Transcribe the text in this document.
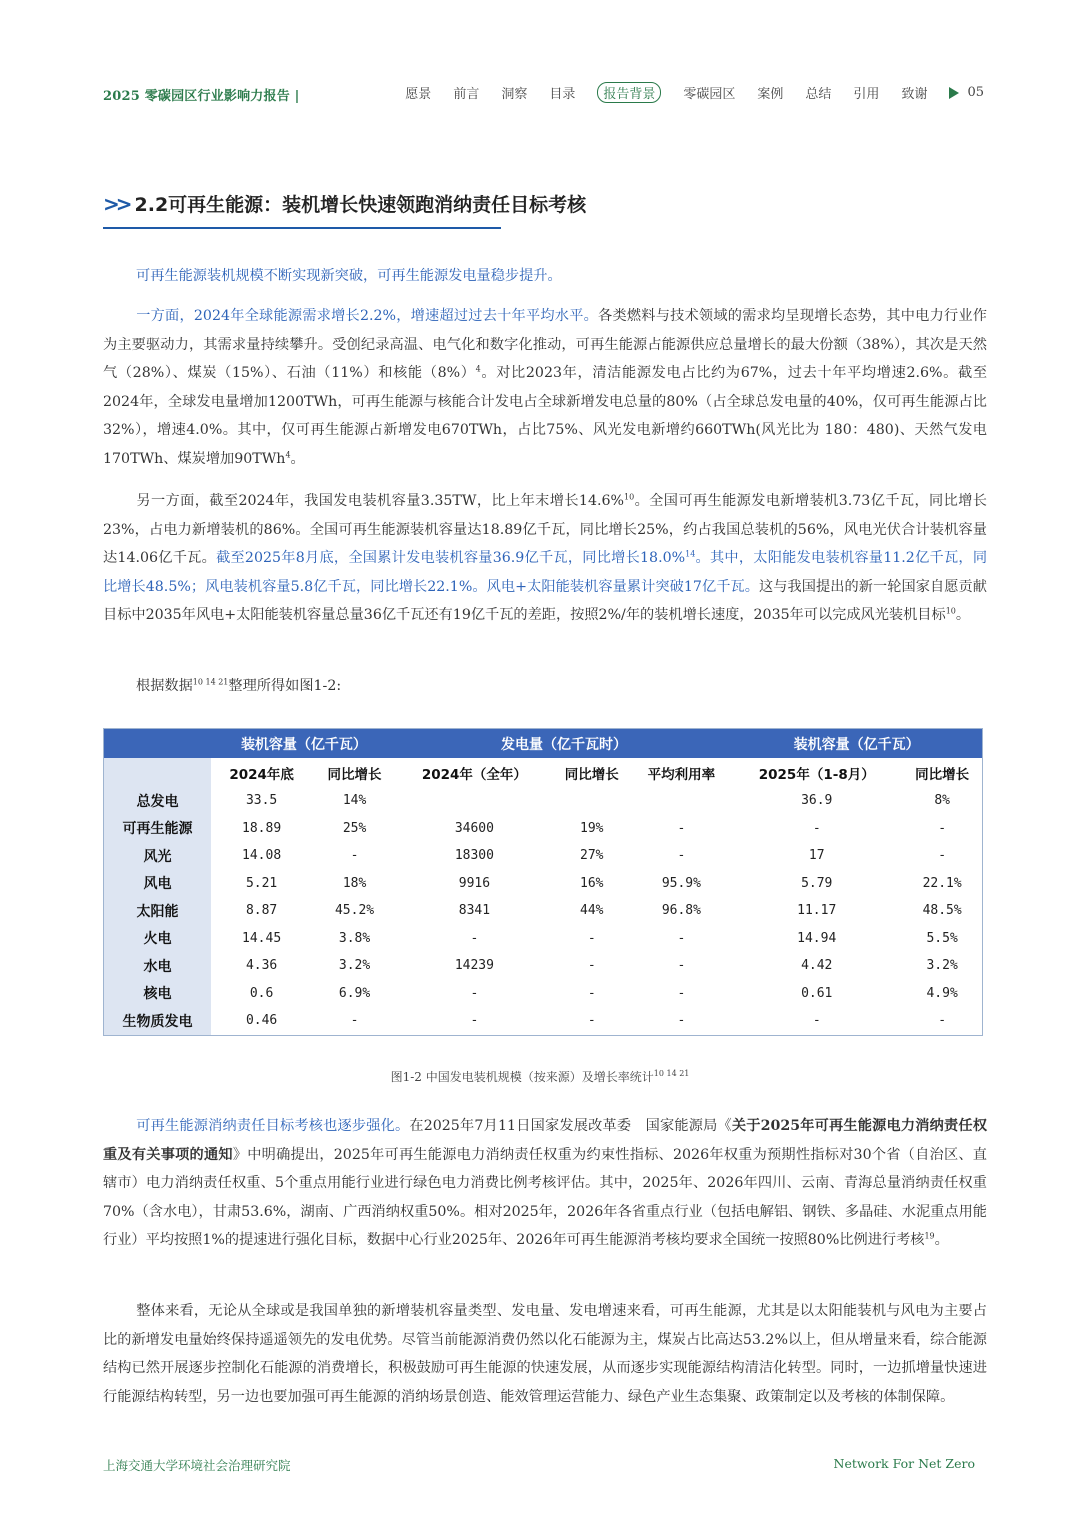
2025 零碳园区行业影响力报告 |	愿景 前言 洞察 目录	报告背景	零碳园区 案例 总结 引用 致谢	05
>> 2.2可再生能源：装机增长快速领跑消纳责任目标考核
可再生能源装机规模不断实现新突破，可再生能源发电量稳步提升。
一方面，2024年全球能源需求增长2.2%，增速超过过去十年平均水平。各类燃料与技术领域的需求均呈现增长态势，其中电力行业作为主要驱动力，其需求量持续攀升。受创纪录高温、电气化和数字化推动，可再生能源占能源供应总量增长的最大份额（38%），其次是天然气（28%）、煤炭（15%）、石油（11%）和核能$(8\%)^4$。对比2023年，清洁能源发电占比约为67%，过去十年平均增速2.6%。截至2024年，全球发电量增加1200TWh，可再生能源与核能合计发电占全球新增发电总量的80%（占全球总发电量的40%，仅可再生能源占比32%），增速4.0%。其中，仅可再生能源占新增发电670TWh，占比75%、风光发电新增约660TWh(风光比为 180：480)、天然气发电170TWh、煤炭增加90TWh$^4$。
另一方面，截至2024年，我国发电装机容量3.35TW，比上年末增长14.6%$^{10}$。全国可再生能源发电新增装机3.73亿千瓦，同比增长23%，占电力新增装机的86%。全国可再生能源装机容量达18.89亿千瓦，同比增长25%，约占我国总装机的56%，风电光伏合计装机容量达14.06亿千瓦。截至2025年8月底，全国累计发电装机容量36.9亿千瓦，同比增长18.0%$^{14}$。其中，太阳能发电装机容量11.2亿千瓦，同比增长48.5%；风电装机容量5.8亿千瓦，同比增长22.1%。风电+太阳能装机容量累计突破17亿千瓦。这与我国提出的新一轮国家自愿贡献目标中2035年风电+太阳能装机容量总量36亿千瓦还有19亿千瓦的差距，按照2%/年的装机增长速度，2035年可以完成风光装机目标$^{10}$。
根据数据$^{10 14 21}$整理所得如图1-2:
	装机容量（亿千瓦）		发电量（亿千瓦时）			装机容量（亿千瓦）	
	2024年底	同比增长	2024年（全年）	同比增长	平均利用率	2025年（1-8月）	同比增长
总发电	33.5	14%				36.9	8%
可再生能源	18.89	25%	34600	19%	-	-	-
风光	14.08	-	18300	27%	-	17	-
风电	5.21	18%	9916	16%	95.9%	5.79	22.1%
太阳能	8.87	45.2%	8341	44%	96.8%	11.17	48.5%
火电	14.45	3.8%	-	-	-	14.94	5.5%
水电	4.36	3.2%	14239	-	-	4.42	3.2%
核电	0.6	6.9%	-	-	-	0.61	4.9%
生物质发电	0.46	-	-	-	-	-	-
图1-2 中国发电装机规模（按来源）及增长率统计$^{10 14 21}$
可再生能源消纳责任目标考核也逐步强化。在2025年7月11日国家发展改革委　国家能源局《关于2025年可再生能源电力消纳责任权重及有关事项的通知》中明确提出，2025年可再生能源电力消纳责任权重为约束性指标、2026年权重为预期性指标对30个省（自治区、直辖市）电力消纳责任权重、5个重点用能行业进行绿色电力消费比例考核评估。其中，2025年、2026年四川、云南、青海总量消纳责任权重70%（含水电），甘肃53.6%，湖南、广西消纳权重50%。相对2025年，2026年各省重点行业（包括电解铝、钢铁、多晶硅、水泥重点用能行业）平均按照1%的提速进行强化目标，数据中心行业2025年、2026年可再生能源消考核均要求全国统一按照80%比例进行考核$^{19}$。
整体来看，无论从全球或是我国单独的新增装机容量类型、发电量、发电增速来看，可再生能源，尤其是以太阳能装机与风电为主要占比的新增发电量始终保持遥遥领先的发电优势。尽管当前能源消费仍然以化石能源为主，煤炭占比高达53.2%以上，但从增量来看，综合能源结构已然开展逐步控制化石能源的消费增长，积极鼓励可再生能源的快速发展，从而逐步实现能源结构清洁化转型。同时，一边抓增量快速进行能源结构转型，另一边也要加强可再生能源的消纳场景创造、能效管理运营能力、绿色产业生态集聚、政策制定以及考核的体制保障。
上海交通大学环境社会治理研究院	Network For Net Zero
